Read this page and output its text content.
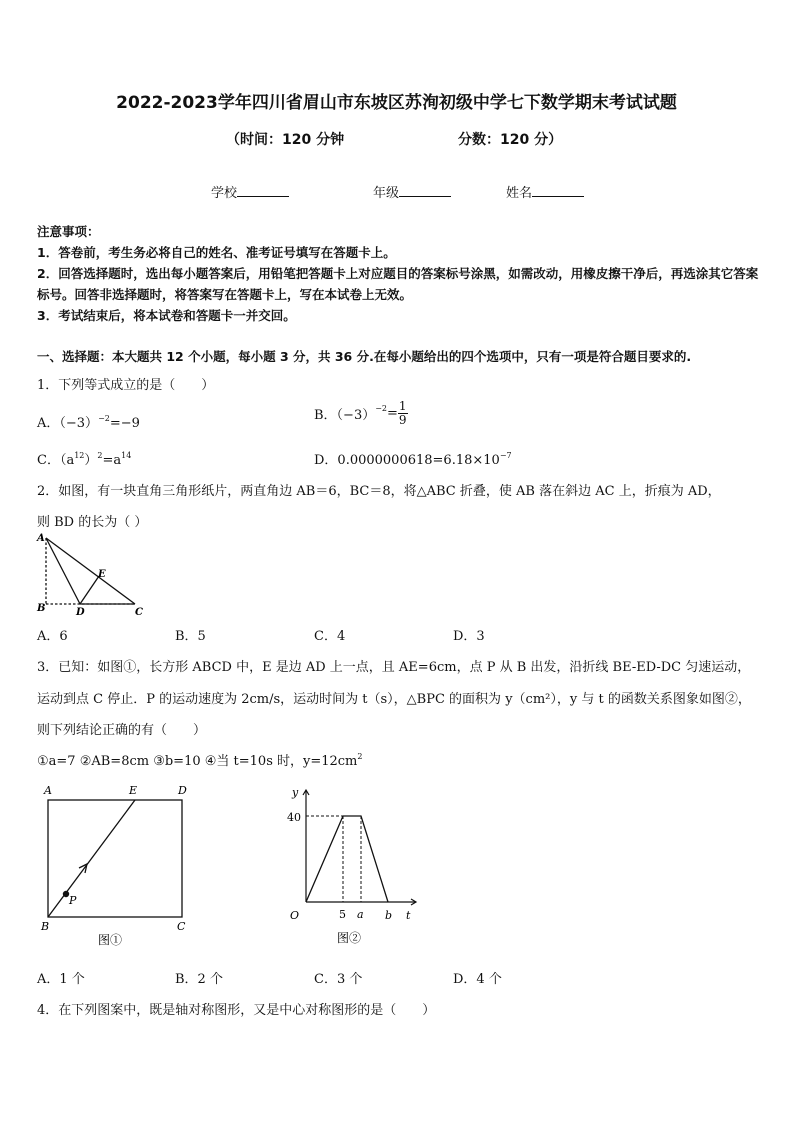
2022-2023学年四川省眉山市东坡区苏洵初级中学七下数学期末考试试题
（时间：120 分钟	分数：120 分）
学校	年级	姓名
注意事项：
1．答卷前，考生务必将自己的姓名、准考证号填写在答题卡上。
2．回答选择题时，选出每小题答案后，用铅笔把答题卡上对应题目的答案标号涂黑，如需改动，用橡皮擦干净后，再选涂其它答案标号。回答非选择题时，将答案写在答题卡上，写在本试卷上无效。
3．考试结束后，将本试卷和答题卡一并交回。
一、选择题：本大题共 12 个小题，每小题 3 分，共 36 分.在每小题给出的四个选项中，只有一项是符合题目要求的.
1．下列等式成立的是（　　）
A．$(-3)^{-2}=-9$
B．$(-3)^{-2}= \frac{1}{9}$
C．$(a^{12})^2=a^{14}$	D．$0.0000000618=6.18\times 10^{-7}$
2．如图，有一块直角三角形纸片，两直角边 AB＝6，BC＝8，将△ABC 折叠，使 AB 落在斜边 AC 上，折痕为 AD，
则 BD 的长为（ ）
A
B	D	C
E
A．6	B．5	C．4	D．3
3．已知：如图①，长方形 ABCD 中，E 是边 AD 上一点，且 AE=6cm，点 P 从 B 出发，沿折线 BE-ED-DC 匀速运动，
运动到点 C 停止．P 的运动速度为 2cm/s，运动时间为 t（s），△BPC 的面积为 y（cm²），y 与 t 的函数关系图象如图②，
则下列结论正确的有（　　）
①a=7 ②AB=8cm ③b=10 ④当 t=10s 时，$y=12cm^2$
A	E	D
B	C
P
图①
y
t
O
40
5 a b
图②
A．1 个	B．2 个	C．3 个	D．4 个
4．在下列图案中，既是轴对称图形，又是中心对称图形的是（　　）
